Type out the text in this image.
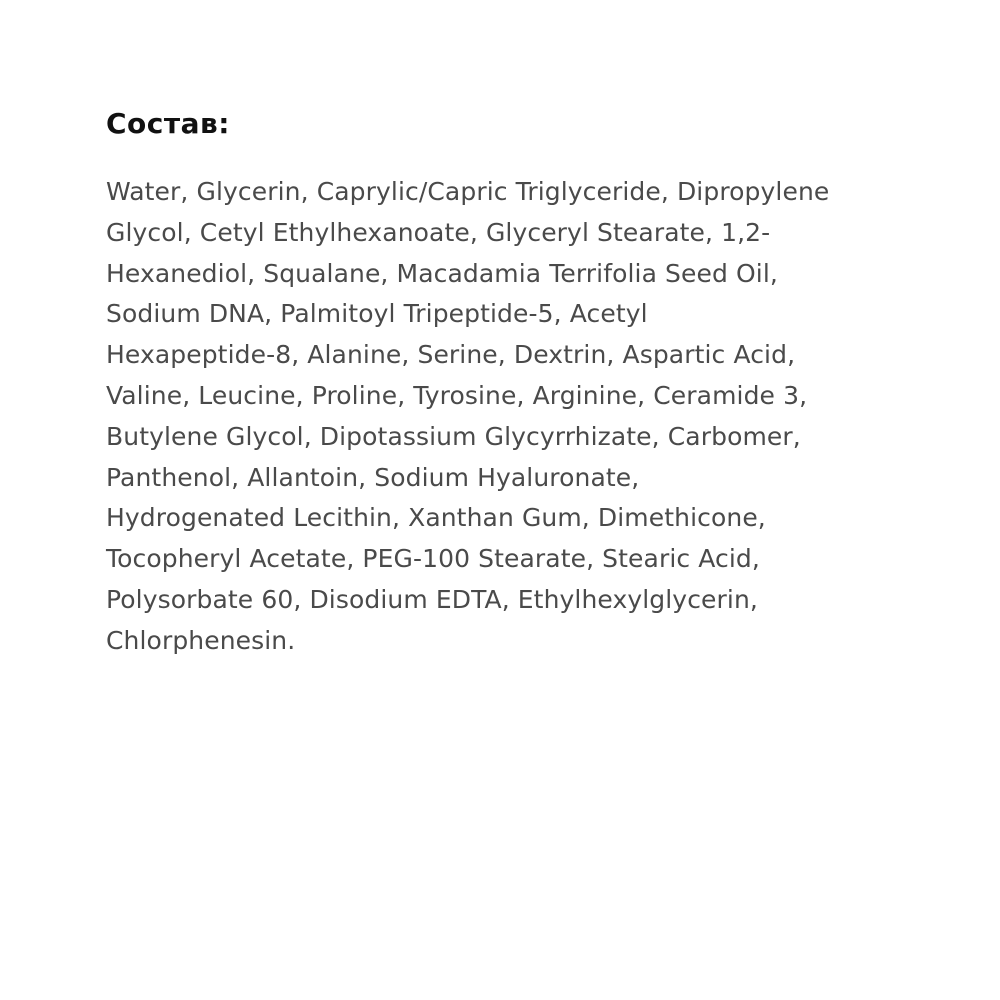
Состав:

Water, Glycerin, Caprylic/Capric Triglyceride, Dipropylene

Glycol, Cetyl Ethylhexanoate, Glyceryl Stearate, 1,2-

Hexanediol, Squalane, Macadamia Terrifolia Seed Oil,

Sodium DNA, Palmitoyl Tripeptide-5, Acetyl

Hexapeptide-8, Alanine, Serine, Dextrin, Aspartic Acid,

Valine, Leucine, Proline, Tyrosine, Arginine, Ceramide 3,

Butylene Glycol, Dipotassium Glycyrrhizate, Carbomer,

Panthenol, Allantoin, Sodium Hyaluronate,

Hydrogenated Lecithin, Xanthan Gum, Dimethicone,

Tocopheryl Acetate, PEG-100 Stearate, Stearic Acid,

Polysorbate 60, Disodium EDTA, Ethylhexylglycerin,

Chlorphenesin.
